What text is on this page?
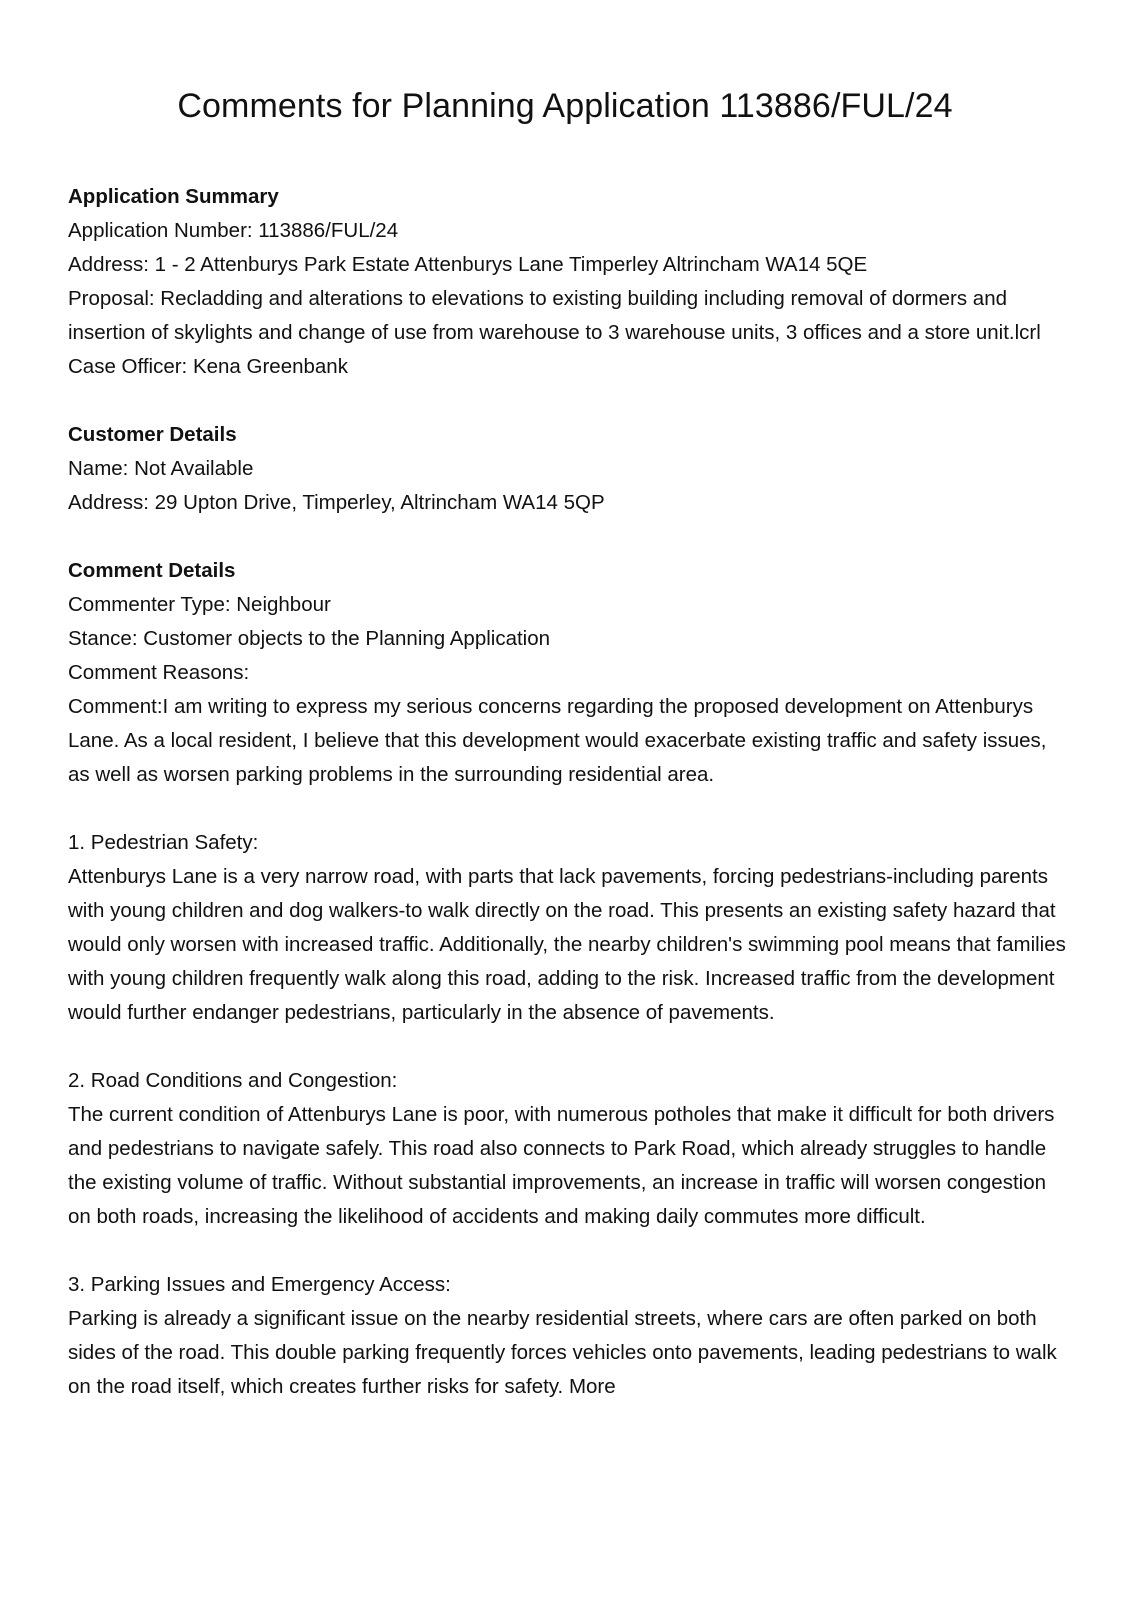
Comments for Planning Application 113886/FUL/24

Application Summary

Application Number: 113886/FUL/24

Address: 1 - 2 Attenburys Park Estate Attenburys Lane Timperley Altrincham WA14 5QE

Proposal: Recladding and alterations to elevations to existing building including removal of dormers and insertion of skylights and change of use from warehouse to 3 warehouse units, 3 offices and a store unit.lcrl

Case Officer: Kena Greenbank

Customer Details

Name: Not Available

Address: 29 Upton Drive, Timperley, Altrincham WA14 5QP

Comment Details

Commenter Type: Neighbour

Stance: Customer objects to the Planning Application

Comment Reasons:

Comment:I am writing to express my serious concerns regarding the proposed development on Attenburys Lane. As a local resident, I believe that this development would exacerbate existing traffic and safety issues, as well as worsen parking problems in the surrounding residential area.

1. Pedestrian Safety:

Attenburys Lane is a very narrow road, with parts that lack pavements, forcing pedestrians-including parents with young children and dog walkers-to walk directly on the road. This presents an existing safety hazard that would only worsen with increased traffic. Additionally, the nearby children's swimming pool means that families with young children frequently walk along this road, adding to the risk. Increased traffic from the development would further endanger pedestrians, particularly in the absence of pavements.

2. Road Conditions and Congestion:

The current condition of Attenburys Lane is poor, with numerous potholes that make it difficult for both drivers and pedestrians to navigate safely. This road also connects to Park Road, which already struggles to handle the existing volume of traffic. Without substantial improvements, an increase in traffic will worsen congestion on both roads, increasing the likelihood of accidents and making daily commutes more difficult.

3. Parking Issues and Emergency Access:

Parking is already a significant issue on the nearby residential streets, where cars are often parked on both sides of the road. This double parking frequently forces vehicles onto pavements, leading pedestrians to walk on the road itself, which creates further risks for safety. More
